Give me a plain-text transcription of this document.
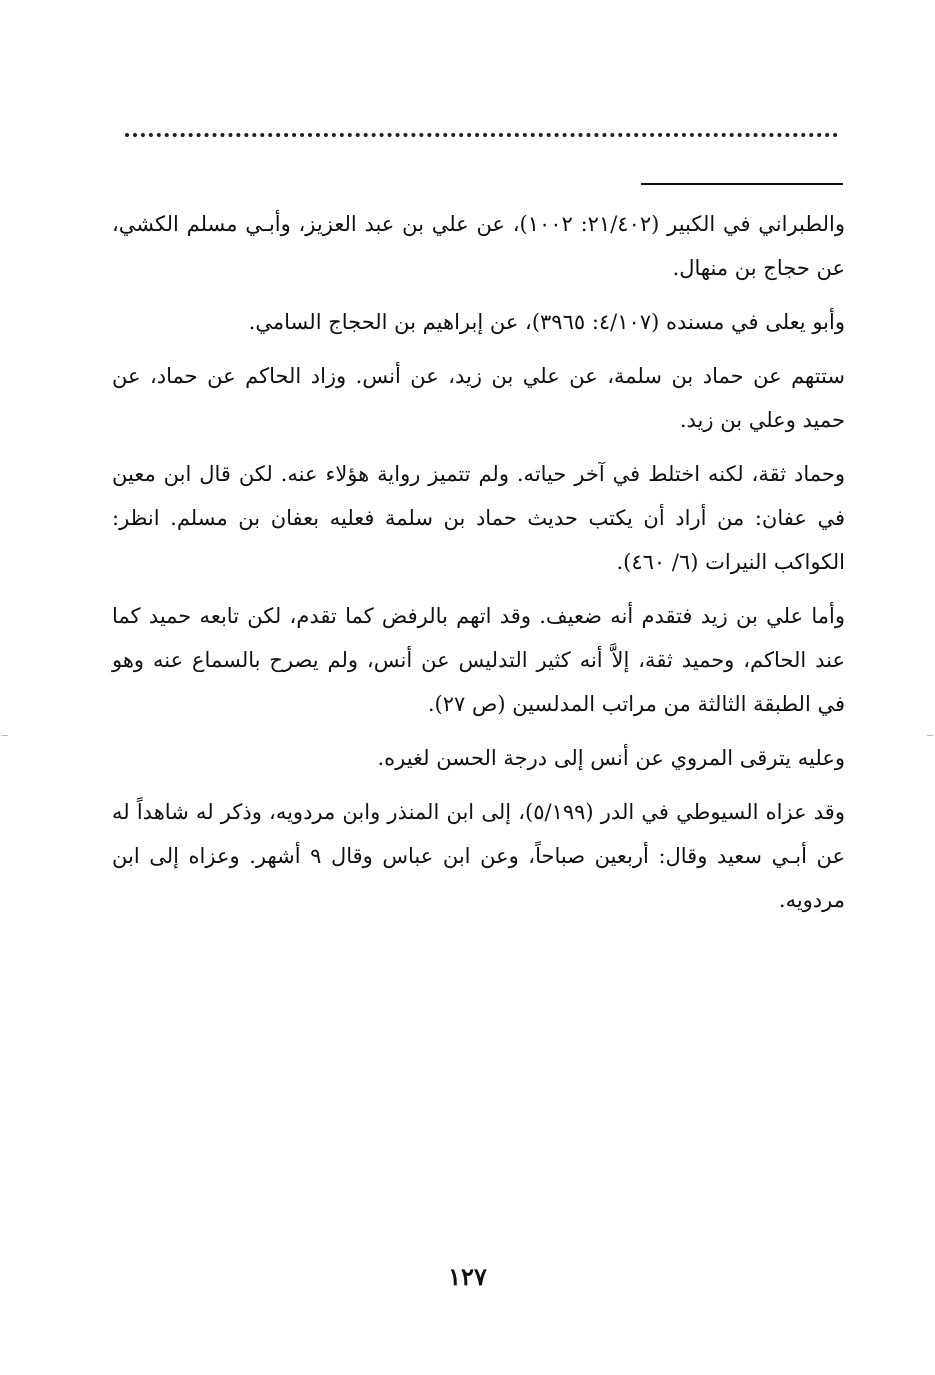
والطبراني في الكبير (٢١/٤٠٢: ١٠٠٢)، عن علي بن عبد العزيز، وأبـي مسلم الكشي، عن حجاج بن منهال.

وأبو يعلى في مسنده (٤/١٠٧: ٣٩٦٥)، عن إبراهيم بن الحجاج السامي.

ستتهم عن حماد بن سلمة، عن علي بن زيد، عن أنس. وزاد الحاكم عن حماد، عن حميد وعلي بن زيد.

وحماد ثقة، لكنه اختلط في آخر حياته. ولم تتميز رواية هؤلاء عنه. لكن قال ابن معين في عفان: من أراد أن يكتب حديث حماد بن سلمة فعليه بعفان بن مسلم. انظر: الكواكب النيرات (٦/ ٤٦٠).

وأما علي بن زيد فتقدم أنه ضعيف. وقد اتهم بالرفض كما تقدم، لكن تابعه حميد كما عند الحاكم، وحميد ثقة، إلاَّ أنه كثير التدليس عن أنس، ولم يصرح بالسماع عنه وهو في الطبقة الثالثة من مراتب المدلسين (ص ٢٧).

وعليه يترقى المروي عن أنس إلى درجة الحسن لغيره.

وقد عزاه السيوطي في الدر (٥/١٩٩)، إلى ابن المنذر وابن مردويه، وذكر له شاهداً له عن أبـي سعيد وقال: أربعين صباحاً، وعن ابن عباس وقال ٩ أشهر. وعزاه إلى ابن مردويه.

١٢٧
